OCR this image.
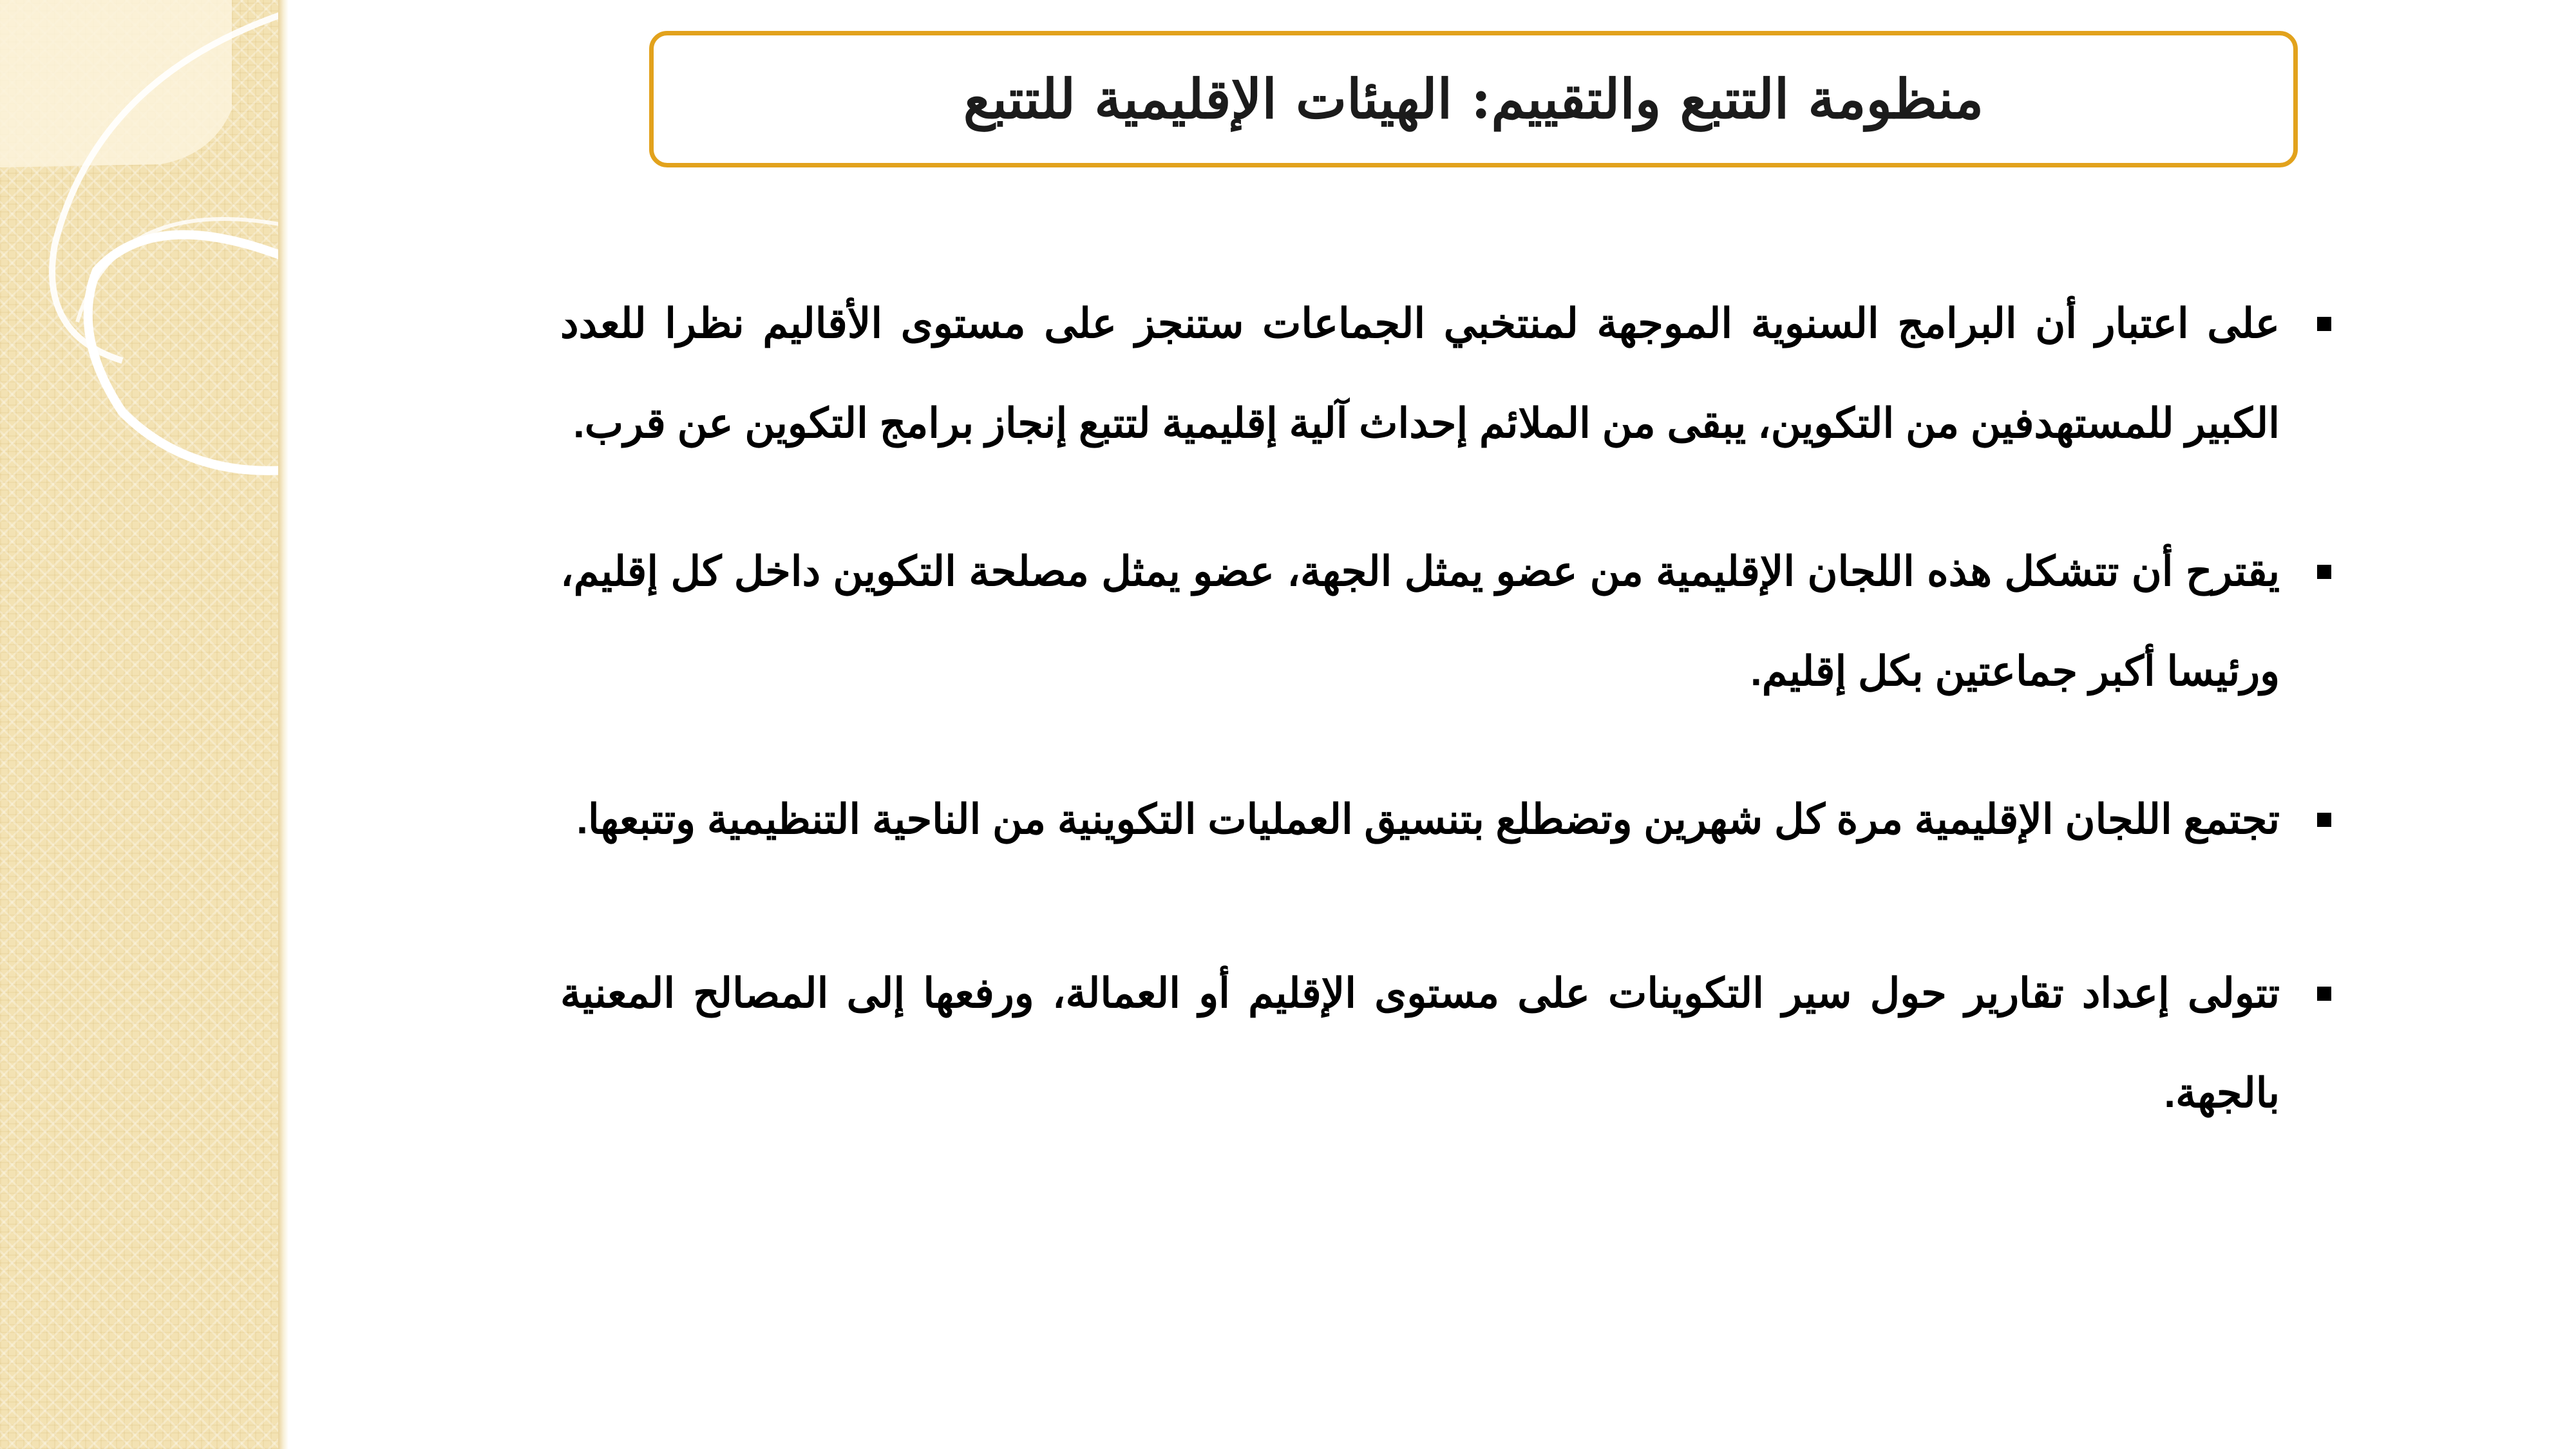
منظومة التتبع والتقييم: الهيئات الإقليمية للتتبع
على اعتبار أن البرامج السنوية الموجهة لمنتخبي الجماعات ستنجز على مستوى الأقاليم نظرا للعدد الكبير للمستهدفين من التكوين، يبقى من الملائم إحداث آلية إقليمية لتتبع إنجاز برامج التكوين عن قرب.
يقترح أن تتشكل هذه اللجان الإقليمية من عضو يمثل الجهة، عضو يمثل مصلحة التكوين داخل كل إقليم، ورئيسا أكبر جماعتين بكل إقليم.
تجتمع اللجان الإقليمية مرة كل شهرين وتضطلع بتنسيق العمليات التكوينية من الناحية التنظيمية وتتبعها.
تتولى إعداد تقارير حول سير التكوينات على مستوى الإقليم أو العمالة، ورفعها إلى المصالح المعنية بالجهة.
